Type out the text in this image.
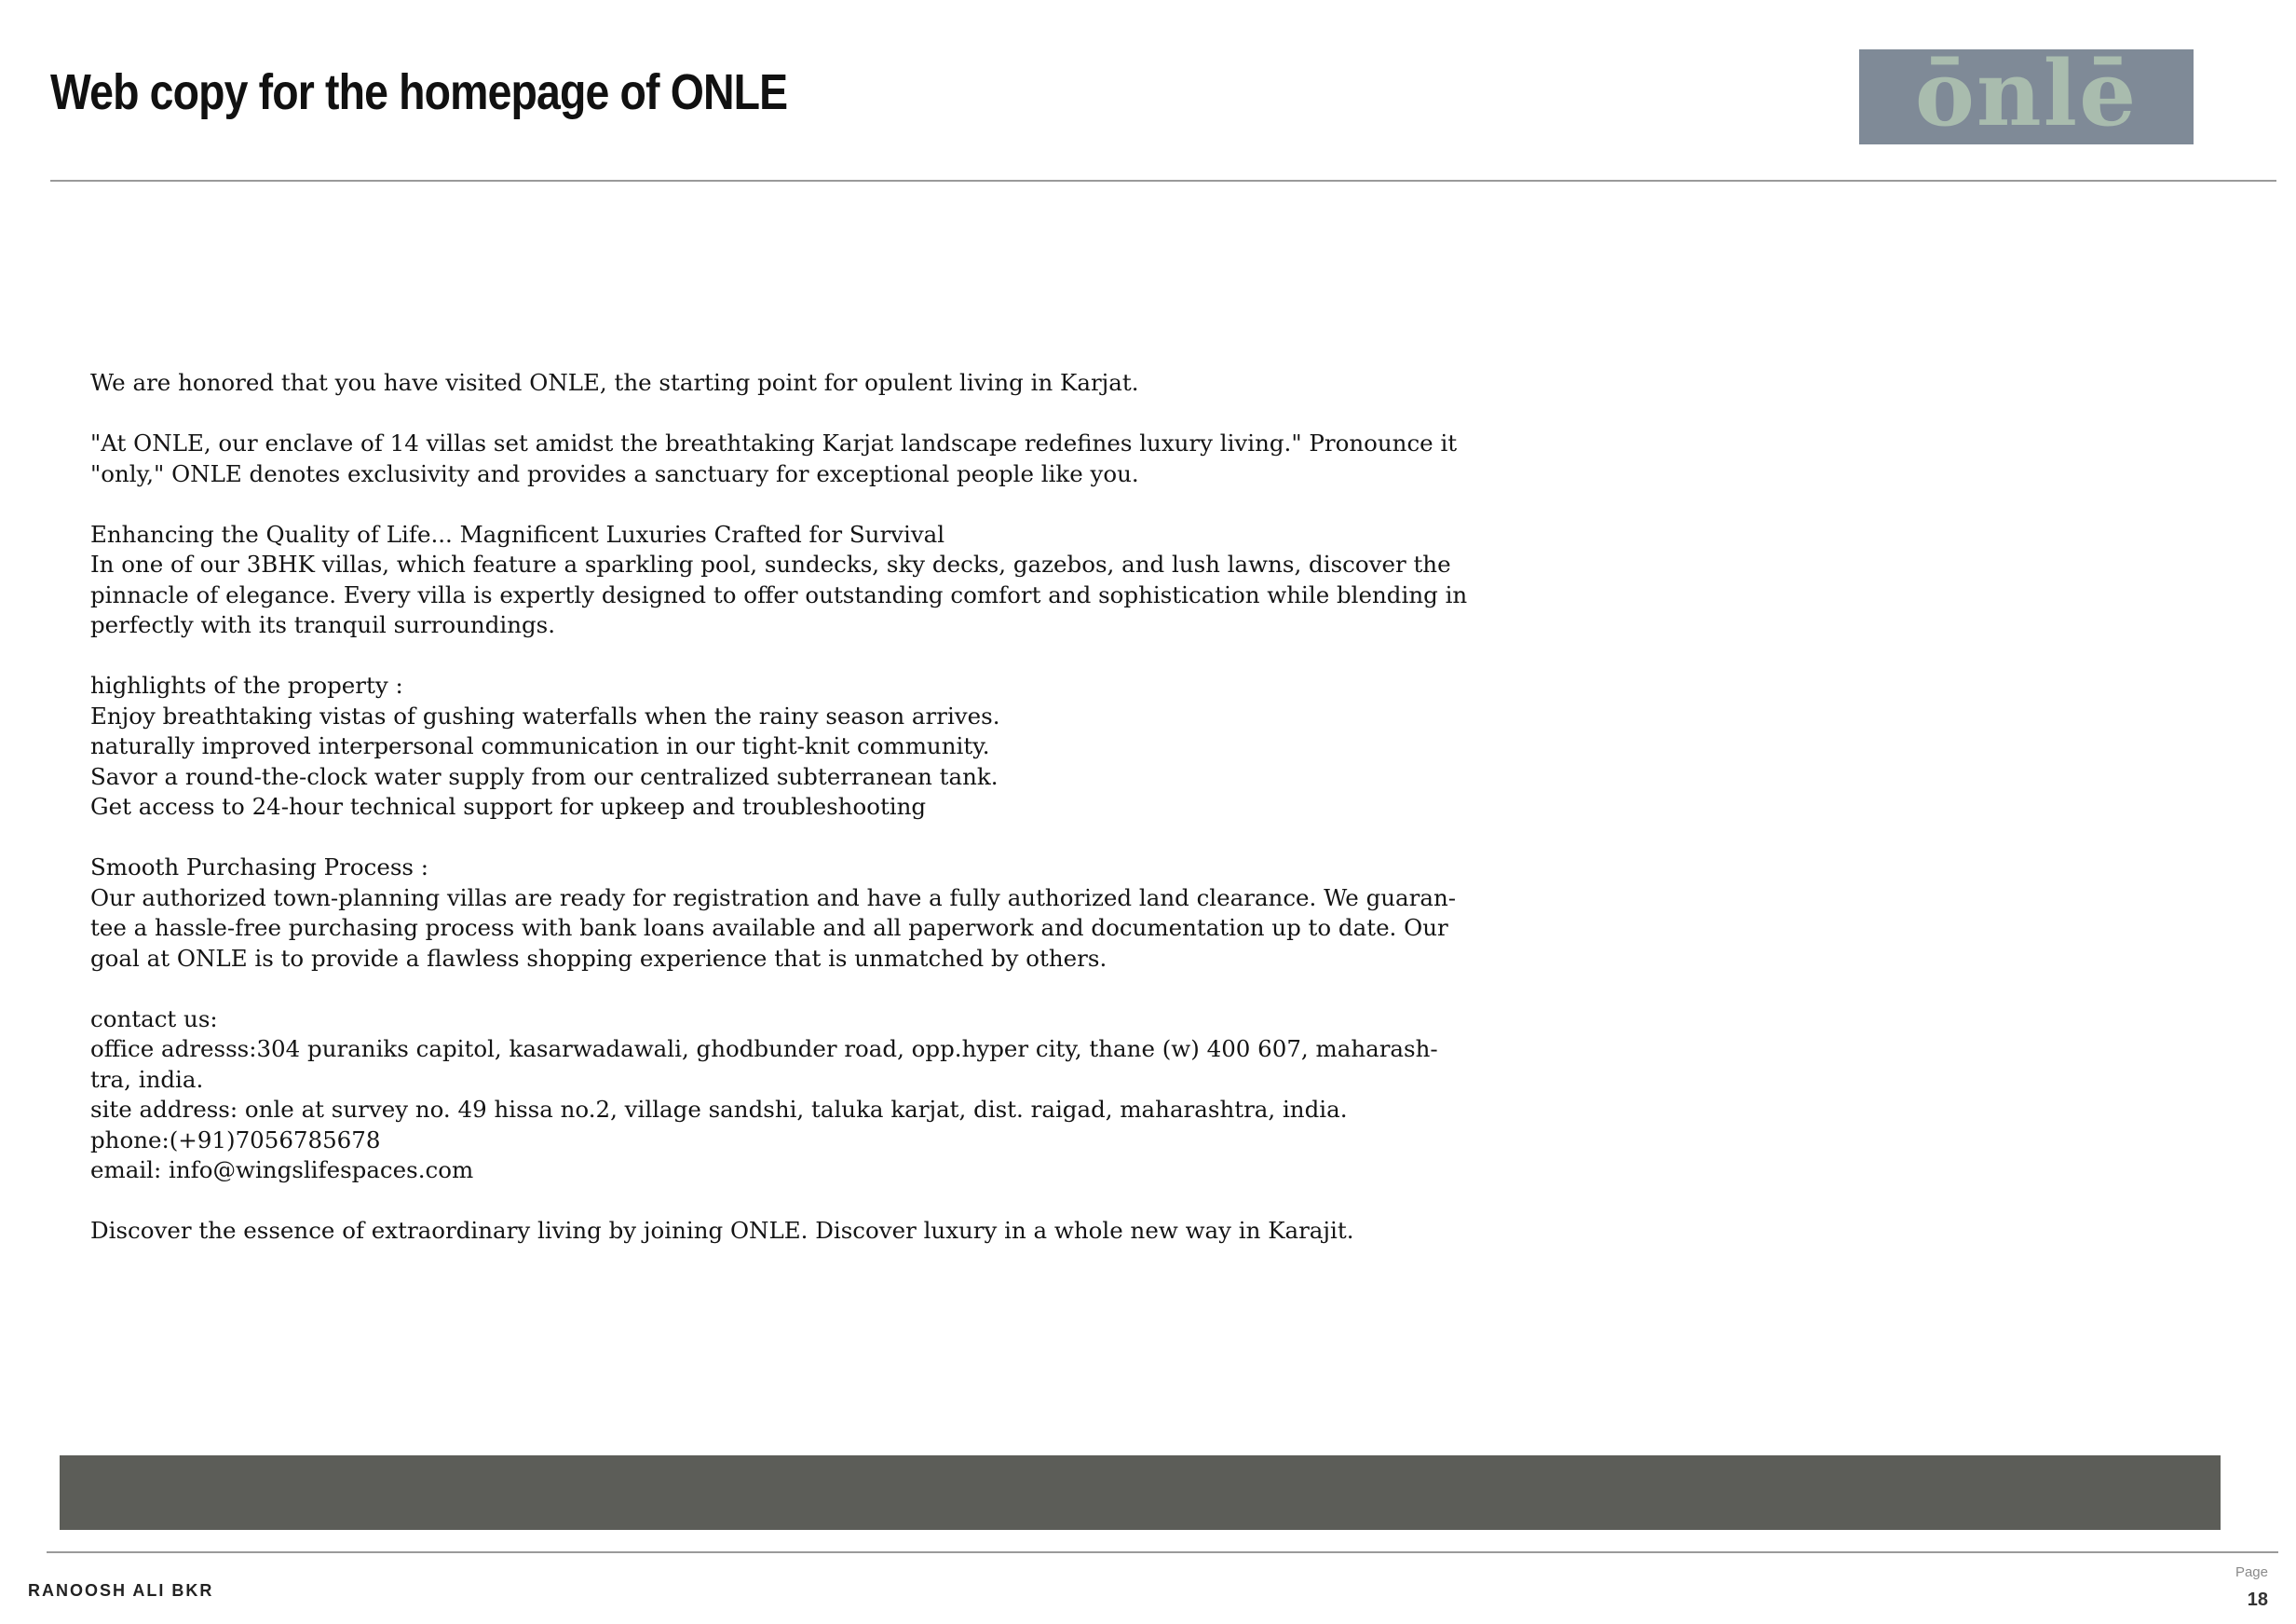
Web copy for the homepage of ONLE	ōnlē
We are honored that you have visited ONLE, the starting point for opulent living in Karjat.
"At ONLE, our enclave of 14 villas set amidst the breathtaking Karjat landscape redefines luxury living." Pronounce it
"only," ONLE denotes exclusivity and provides a sanctuary for exceptional people like you.
Enhancing the Quality of Life... Magnificent Luxuries Crafted for Survival
In one of our 3BHK villas, which feature a sparkling pool, sundecks, sky decks, gazebos, and lush lawns, discover the
pinnacle of elegance. Every villa is expertly designed to offer outstanding comfort and sophistication while blending in
perfectly with its tranquil surroundings.
highlights of the property :
Enjoy breathtaking vistas of gushing waterfalls when the rainy season arrives.
naturally improved interpersonal communication in our tight-knit community.
Savor a round-the-clock water supply from our centralized subterranean tank.
Get access to 24-hour technical support for upkeep and troubleshooting
Smooth Purchasing Process :
Our authorized town-planning villas are ready for registration and have a fully authorized land clearance. We guaran-
tee a hassle-free purchasing process with bank loans available and all paperwork and documentation up to date. Our
goal at ONLE is to provide a flawless shopping experience that is unmatched by others.
contact us:
office adresss:304 puraniks capitol, kasarwadawali, ghodbunder road, opp.hyper city, thane (w) 400 607, maharash-
tra, india.
site address: onle at survey no. 49 hissa no.2, village sandshi, taluka karjat, dist. raigad, maharashtra, india.
phone:(+91)7056785678
email: info@wingslifespaces.com
Discover the essence of extraordinary living by joining ONLE. Discover luxury in a whole new way in Karajit.
RANOOSH ALI BKR
Page
18
